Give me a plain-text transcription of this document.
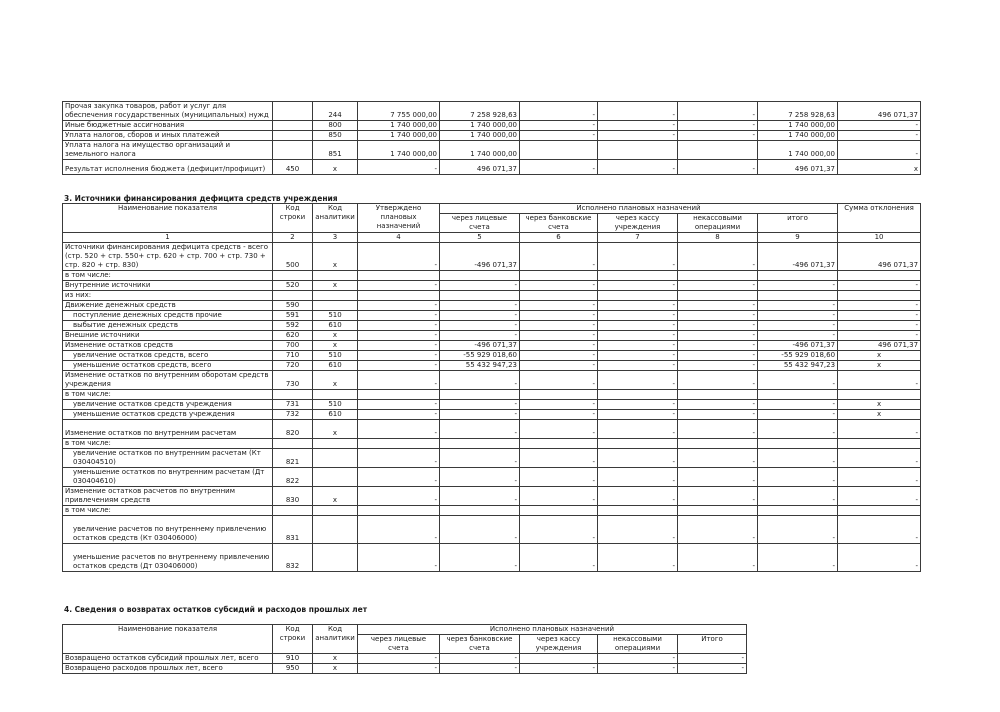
Прочая закупка товаров, работ и услуг для обеспечения государственных (муниципальных) нужд		244	7 755 000,00	7 258 928,63	-	-	-	7 258 928,63	496 071,37
Иные бюджетные ассигнования		800	1 740 000,00	1 740 000,00	-	-	-	1 740 000,00	-
Уплата налогов, сборов и иных платежей		850	1 740 000,00	1 740 000,00	-	-	-	1 740 000,00	-
Уплата налога на имущество организаций и земельного налога		851	1 740 000,00	1 740 000,00				1 740 000,00	-
Результат исполнения бюджета (дефицит/профицит)	450	x	-	496 071,37	-	-	-	496 071,37	x
3. Источники финансирования дефицита средств учреждения
Наименование показателя	Код строки	Код аналитики	Утверждено плановых назначений	Исполнено плановых назначений					Сумма отклонения
				через лицевые счета	через банковские счета	через кассу учреждения	некассовыми операциями	итого	
1	2	3	4	5	6	7	8	9	10
Источники финансирования дефицита средств - всего (стр. 520 + стр. 550+ стр. 620 + стр. 700 + стр. 730 + стр. 820 + стр. 830)	500	x	-	-496 071,37	-	-	-	-496 071,37	496 071,37
в том числе:									
Внутренние источники	520	x	-	-	-	-	-	-	-
из них:									
Движение денежных средств	590		-	-	-	-	-	-	-
поступление денежных средств прочие	591	510	-	-	-	-	-	-	-
выбытие денежных средств	592	610	-	-	-	-	-	-	-
Внешние источники	620	x	-	-	-	-	-	-	-
Изменение остатков средств	700	x	-	-496 071,37	-	-	-	-496 071,37	496 071,37
увеличение остатков средств, всего	710	510	-	-55 929 018,60	-	-	-	-55 929 018,60	x
уменьшение остатков средств, всего	720	610	-	55 432 947,23	-	-	-	55 432 947,23	x
Изменение остатков по внутренним оборотам средств учреждения	730	x	-	-	-	-	-	-	-
в том числе:									
увеличение остатков средств учреждения	731	510	-	-	-	-	-	-	x
уменьшение остатков средств учреждения	732	610	-	-	-	-	-	-	x
Изменение остатков по внутренним расчетам	820	x	-	-	-	-	-	-	-
в том числе:									
увеличение остатков по внутренним расчетам (Кт 030404510)	821		-	-	-	-	-	-	-
уменьшение остатков по внутренним расчетам (Дт 030404610)	822		-	-	-	-	-	-	-
Изменение остатков расчетов по внутренним привлечениям средств	830	x	-	-	-	-	-	-	-
в том числе:									
увеличение расчетов по внутреннему привлечению остатков средств (Кт 030406000)	831		-	-	-	-	-	-	-
уменьшение расчетов по внутреннему привлечению остатков средств (Дт 030406000)	832		-	-	-	-	-	-	-
4. Сведения о возвратах остатков субсидий и расходов прошлых лет
Наименование показателя	Код строки	Код аналитики	Исполнено плановых назначений				
			через лицевые счета	через банковские счета	через кассу учреждения	некассовыми операциями	Итого
Возвращено остатков субсидий прошлых лет, всего	910	x	-	-		-	-
Возвращено расходов прошлых лет, всего	950	x	-	-	-	-	-
